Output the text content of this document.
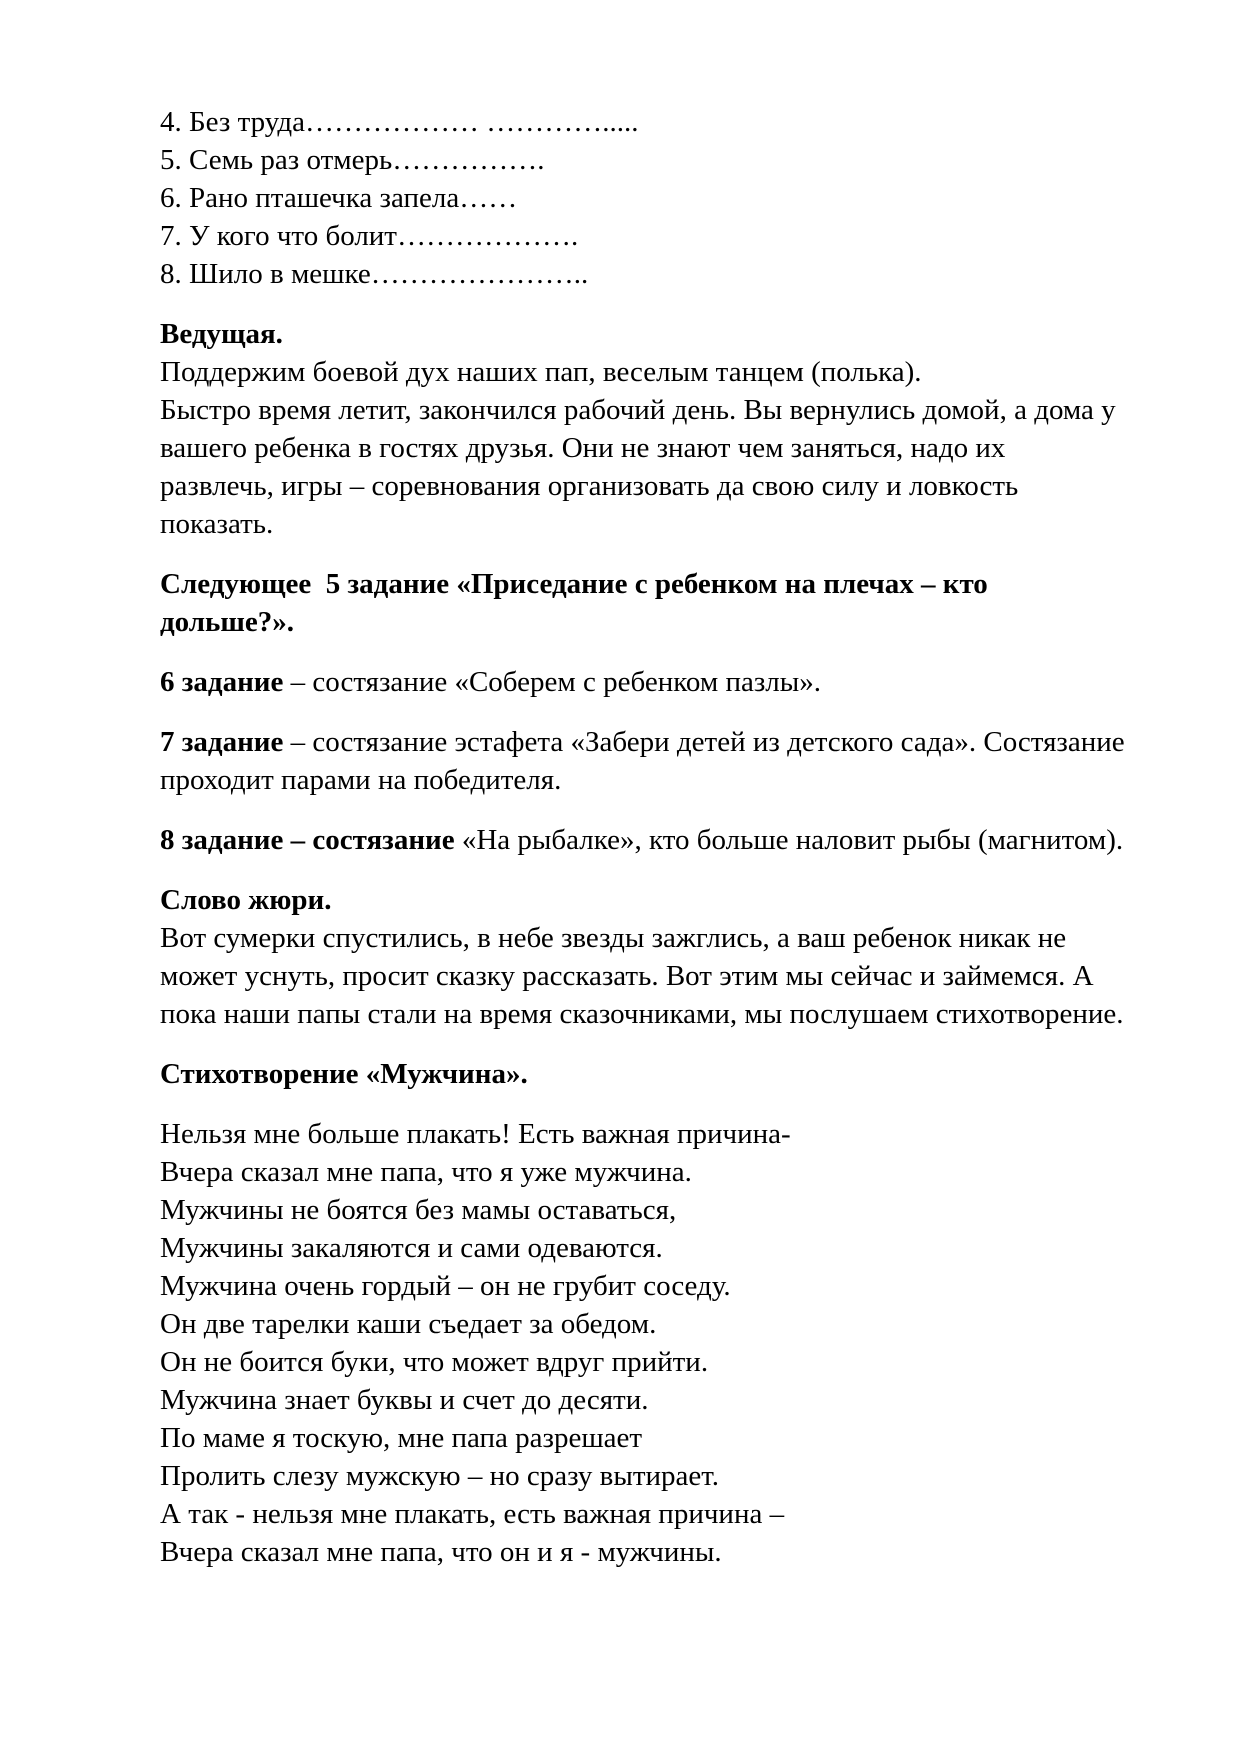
4. Без труда……………… ………….....
5. Семь раз отмерь…………….
6. Рано пташечка запела……
7. У кого что болит……………….
8. Шило в мешке…………………..
Ведущая.
Поддержим боевой дух наших пап, веселым танцем (полька).
Быстро время летит, закончился рабочий день. Вы вернулись домой, а дома у
вашего ребенка в гостях друзья. Они не знают чем заняться, надо их
развлечь, игры – соревнования организовать да свою силу и ловкость
показать.
Следующее  5 задание «Приседание с ребенком на плечах – кто
дольше?».
6 задание – состязание «Соберем с ребенком пазлы».
7 задание – состязание эстафета «Забери детей из детского сада». Состязание
проходит парами на победителя.
8 задание – состязание «На рыбалке», кто больше наловит рыбы (магнитом).
Слово жюри.
Вот сумерки спустились, в небе звезды зажглись, а ваш ребенок никак не
может уснуть, просит сказку рассказать. Вот этим мы сейчас и займемся. А
пока наши папы стали на время сказочниками, мы послушаем стихотворение.
Стихотворение «Мужчина».
Нельзя мне больше плакать! Есть важная причина-
Вчера сказал мне папа, что я уже мужчина.
Мужчины не боятся без мамы оставаться,
Мужчины закаляются и сами одеваются.
Мужчина очень гордый – он не грубит соседу.
Он две тарелки каши съедает за обедом.
Он не боится буки, что может вдруг прийти.
Мужчина знает буквы и счет до десяти.
По маме я тоскую, мне папа разрешает
Пролить слезу мужскую – но сразу вытирает.
А так - нельзя мне плакать, есть важная причина –
Вчера сказал мне папа, что он и я - мужчины.
